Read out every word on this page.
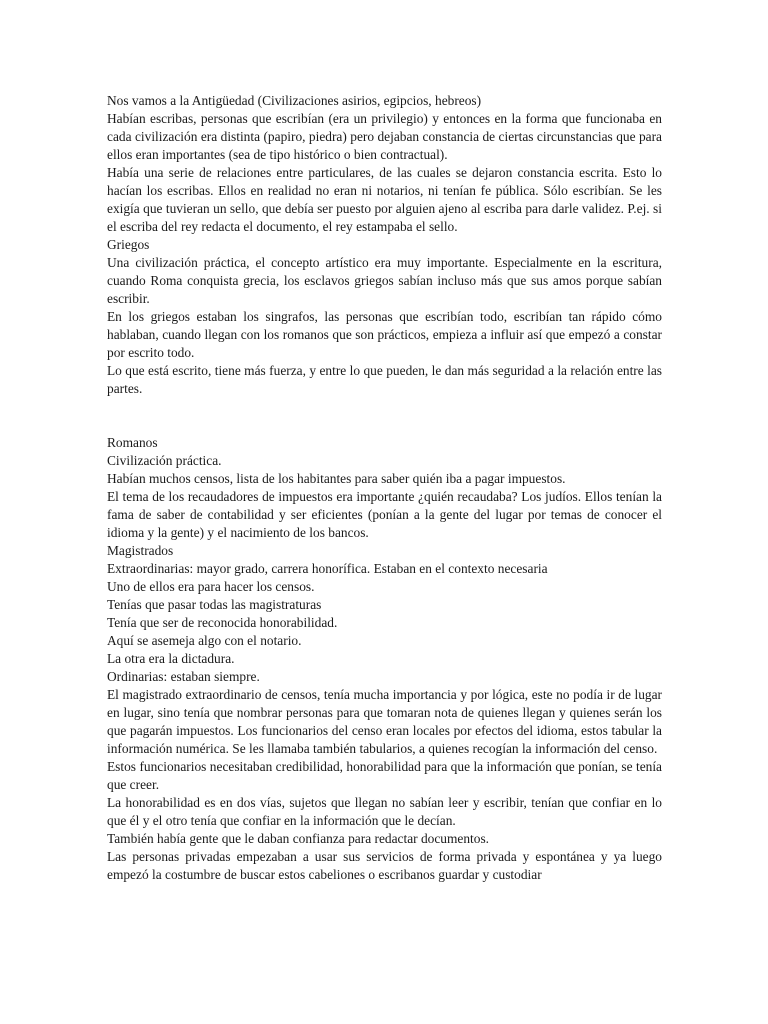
Nos vamos a la Antigüedad (Civilizaciones asirios, egipcios, hebreos)

Habían escribas, personas que escribían (era un privilegio) y entonces en la forma que funcionaba en cada civilización era distinta (papiro, piedra) pero dejaban constancia de ciertas circunstancias que para ellos eran importantes (sea de tipo histórico o bien contractual).

Había una serie de relaciones entre particulares, de las cuales se dejaron constancia escrita. Esto lo hacían los escribas. Ellos en realidad no eran ni notarios, ni tenían fe pública. Sólo escribían. Se les exigía que tuvieran un sello, que debía ser puesto por alguien ajeno al escriba para darle validez. P.ej. si el escriba del rey redacta el documento, el rey estampaba el sello.

Griegos

Una civilización práctica, el concepto artístico era muy importante. Especialmente en la escritura, cuando Roma conquista grecia, los esclavos griegos sabían incluso más que sus amos porque sabían escribir.

En los griegos estaban los singrafos, las personas que escribían todo, escribían tan rápido cómo hablaban, cuando llegan con los romanos que son prácticos, empieza a influir así que empezó a constar por escrito todo.

Lo que está escrito, tiene más fuerza, y entre lo que pueden, le dan más seguridad a la relación entre las partes.

Romanos

Civilización práctica.

Habían muchos censos, lista de los habitantes para saber quién iba a pagar impuestos.

El tema de los recaudadores de impuestos era importante ¿quién recaudaba? Los judíos. Ellos tenían la fama de saber de contabilidad y ser eficientes (ponían a la gente del lugar por temas de conocer el idioma y la gente) y el nacimiento de los bancos.

Magistrados

Extraordinarias: mayor grado, carrera honorífica. Estaban en el contexto necesaria

Uno de ellos era para hacer los censos.

Tenías que pasar todas las magistraturas

Tenía que ser de reconocida honorabilidad.

Aquí se asemeja algo con el notario.

La otra era la dictadura.

Ordinarias: estaban siempre.

El magistrado extraordinario de censos, tenía mucha importancia y por lógica, este no podía ir de lugar en lugar, sino tenía que nombrar personas para que tomaran nota de quienes llegan y quienes serán los que pagarán impuestos. Los funcionarios del censo eran locales por efectos del idioma, estos tabular la información numérica. Se les llamaba también tabularios, a quienes recogían la información del censo.

Estos funcionarios necesitaban credibilidad, honorabilidad para que la información que ponían, se tenía que creer.

La honorabilidad es en dos vías, sujetos que llegan no sabían leer y escribir, tenían que confiar en lo que él y el otro tenía que confiar en la información que le decían.

También había gente que le daban confianza para redactar documentos.

Las personas privadas empezaban a usar sus servicios de forma privada y espontánea y ya luego empezó la costumbre de buscar estos cabeliones o escribanos guardar y custodiar
